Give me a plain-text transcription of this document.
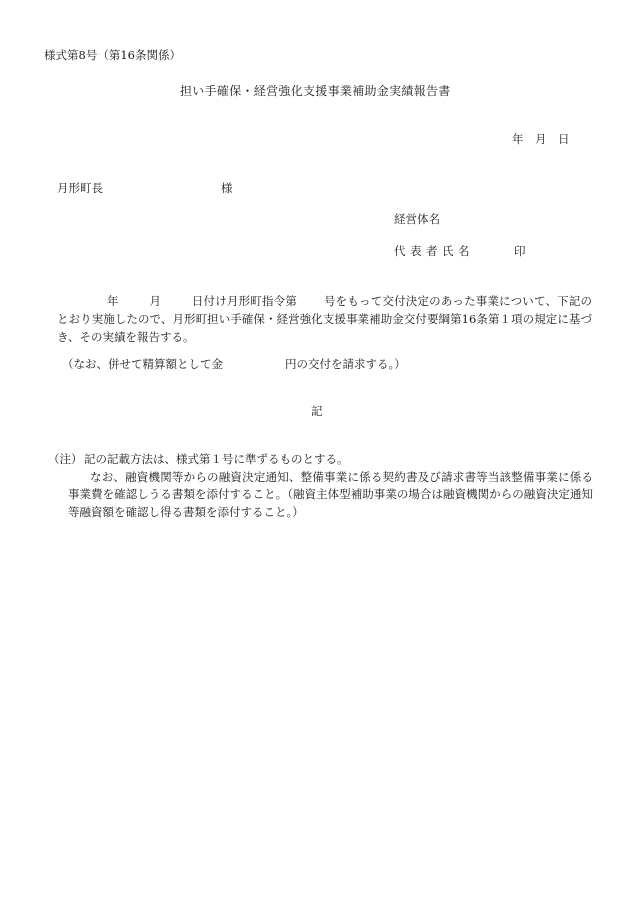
様式第8号（第16条関係）
担い手確保・経営強化支援事業補助金実績報告書
年　月　日
月形町長	様
経営体名
代表者氏名	印
年	月	日付け月形町指令第 号をもって交付決定のあった事業について、下記のとおり実施したので、月形町担い手確保・経営強化支援事業補助金交付要綱第16条第１項の規定に基づき、その実績を報告する。
（なお、併せて精算額として金	円の交付を請求する。）
記
（注） 記の記載方法は、様式第１号に準ずるものとする。
なお、融資機関等からの融資決定通知、整備事業に係る契約書及び請求書等当該整備事業に係る事業費を確認しうる書類を添付すること。（融資主体型補助事業の場合は融資機関からの融資決定通知等融資額を確認し得る書類を添付すること。）
